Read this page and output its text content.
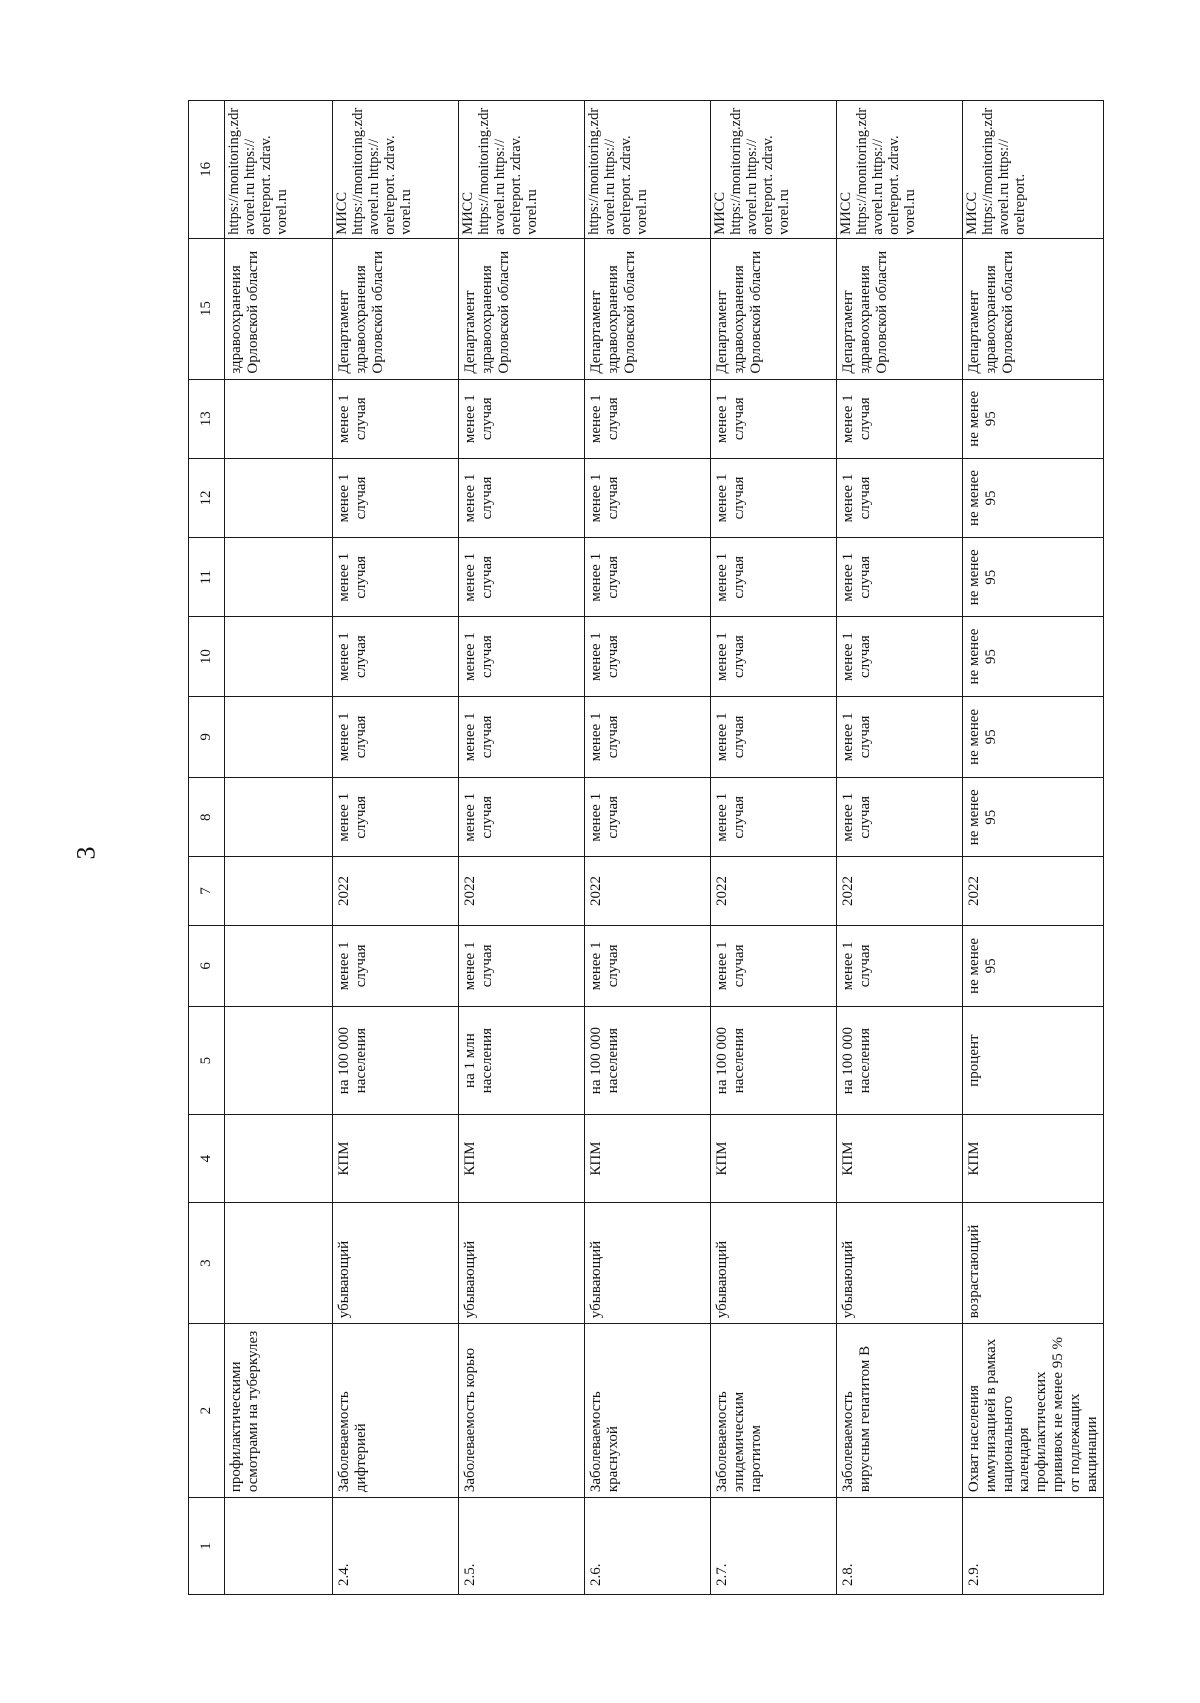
3
1	2	3	4	5	6	7	8	9	10	11	12	13	15	16
	профилактическими осмотрами на туберкулез												здравоохранения Орловской области	https://monitoring.zdravorel.ru https:// orelreport. zdrav. vorel.ru
2.4.	Заболеваемость дифтерией	убывающий	КПМ	на 100 000 населения	менее 1 случая	2022	менее 1 случая	менее 1 случая	менее 1 случая	менее 1 случая	менее 1 случая	менее 1 случая	Департамент здравоохранения Орловской области	МИСС https://monitoring.zdravorel.ru https:// orelreport. zdrav. vorel.ru
2.5.	Заболеваемость корью	убывающий	КПМ	на 1 млн населения	менее 1 случая	2022	менее 1 случая	менее 1 случая	менее 1 случая	менее 1 случая	менее 1 случая	менее 1 случая	Департамент здравоохранения Орловской области	МИСС https://monitoring.zdravorel.ru https:// orelreport. zdrav. vorel.ru
2.6.	Заболеваемость краснухой	убывающий	КПМ	на 100 000 населения	менее 1 случая	2022	менее 1 случая	менее 1 случая	менее 1 случая	менее 1 случая	менее 1 случая	менее 1 случая	Департамент здравоохранения Орловской области	https://monitoring.zdravorel.ru https:// orelreport. zdrav. vorel.ru
2.7.	Заболеваемость эпидемическим паротитом	убывающий	КПМ	на 100 000 населения	менее 1 случая	2022	менее 1 случая	менее 1 случая	менее 1 случая	менее 1 случая	менее 1 случая	менее 1 случая	Департамент здравоохранения Орловской области	МИСС https://monitoring.zdravorel.ru https:// orelreport. zdrav. vorel.ru
2.8.	Заболеваемость вирусным гепатитом В	убывающий	КПМ	на 100 000 населения	менее 1 случая	2022	менее 1 случая	менее 1 случая	менее 1 случая	менее 1 случая	менее 1 случая	менее 1 случая	Департамент здравоохранения Орловской области	МИСС https://monitoring.zdravorel.ru https:// orelreport. zdrav. vorel.ru
2.9.	Охват населения иммунизацией в рамках национального календаря профилактических прививок не менее 95 % от подлежащих вакцинации	возрастающий	КПМ	процент	не менее 95	2022	не менее 95	не менее 95	не менее 95	не менее 95	не менее 95	не менее 95	Департамент здравоохранения Орловской области	МИСС https://monitoring.zdravorel.ru https:// orelreport.
